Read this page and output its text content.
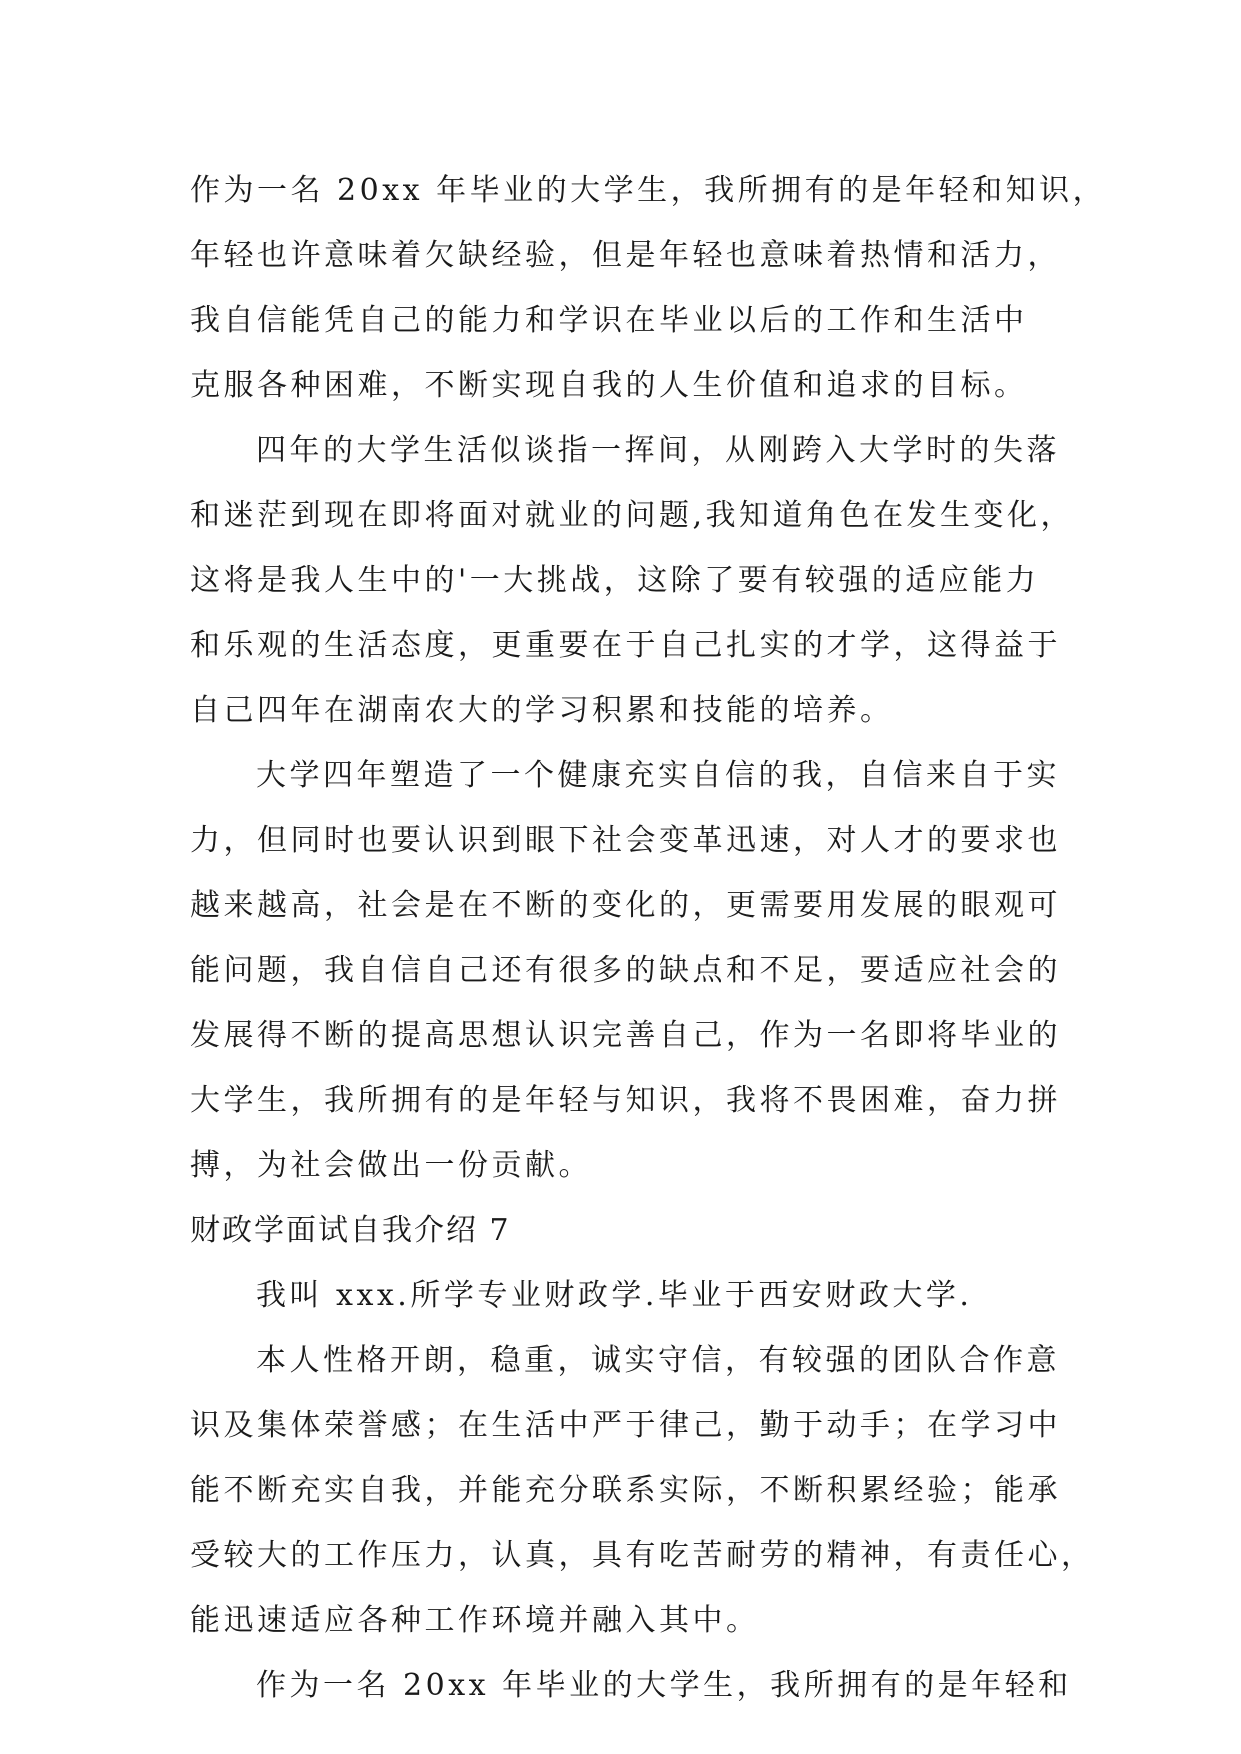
作为一名 20xx 年毕业的大学生，我所拥有的是年轻和知识，
年轻也许意味着欠缺经验，但是年轻也意味着热情和活力，
我自信能凭自己的能力和学识在毕业以后的工作和生活中
克服各种困难，不断实现自我的人生价值和追求的目标。
四年的大学生活似谈指一挥间，从刚跨入大学时的失落
和迷茫到现在即将面对就业的问题,我知道角色在发生变化，
这将是我人生中的'一大挑战，这除了要有较强的适应能力
和乐观的生活态度，更重要在于自己扎实的才学，这得益于
自己四年在湖南农大的学习积累和技能的培养。
大学四年塑造了一个健康充实自信的我，自信来自于实
力，但同时也要认识到眼下社会变革迅速，对人才的要求也
越来越高，社会是在不断的变化的，更需要用发展的眼观可
能问题，我自信自己还有很多的缺点和不足，要适应社会的
发展得不断的提高思想认识完善自己，作为一名即将毕业的
大学生，我所拥有的是年轻与知识，我将不畏困难，奋力拼
搏，为社会做出一份贡献。
财政学面试自我介绍 7
我叫 xxx.所学专业财政学.毕业于西安财政大学.
本人性格开朗，稳重，诚实守信，有较强的团队合作意
识及集体荣誉感；在生活中严于律己，勤于动手；在学习中
能不断充实自我，并能充分联系实际，不断积累经验；能承
受较大的工作压力，认真，具有吃苦耐劳的精神，有责任心，
能迅速适应各种工作环境并融入其中。
作为一名 20xx 年毕业的大学生，我所拥有的是年轻和
